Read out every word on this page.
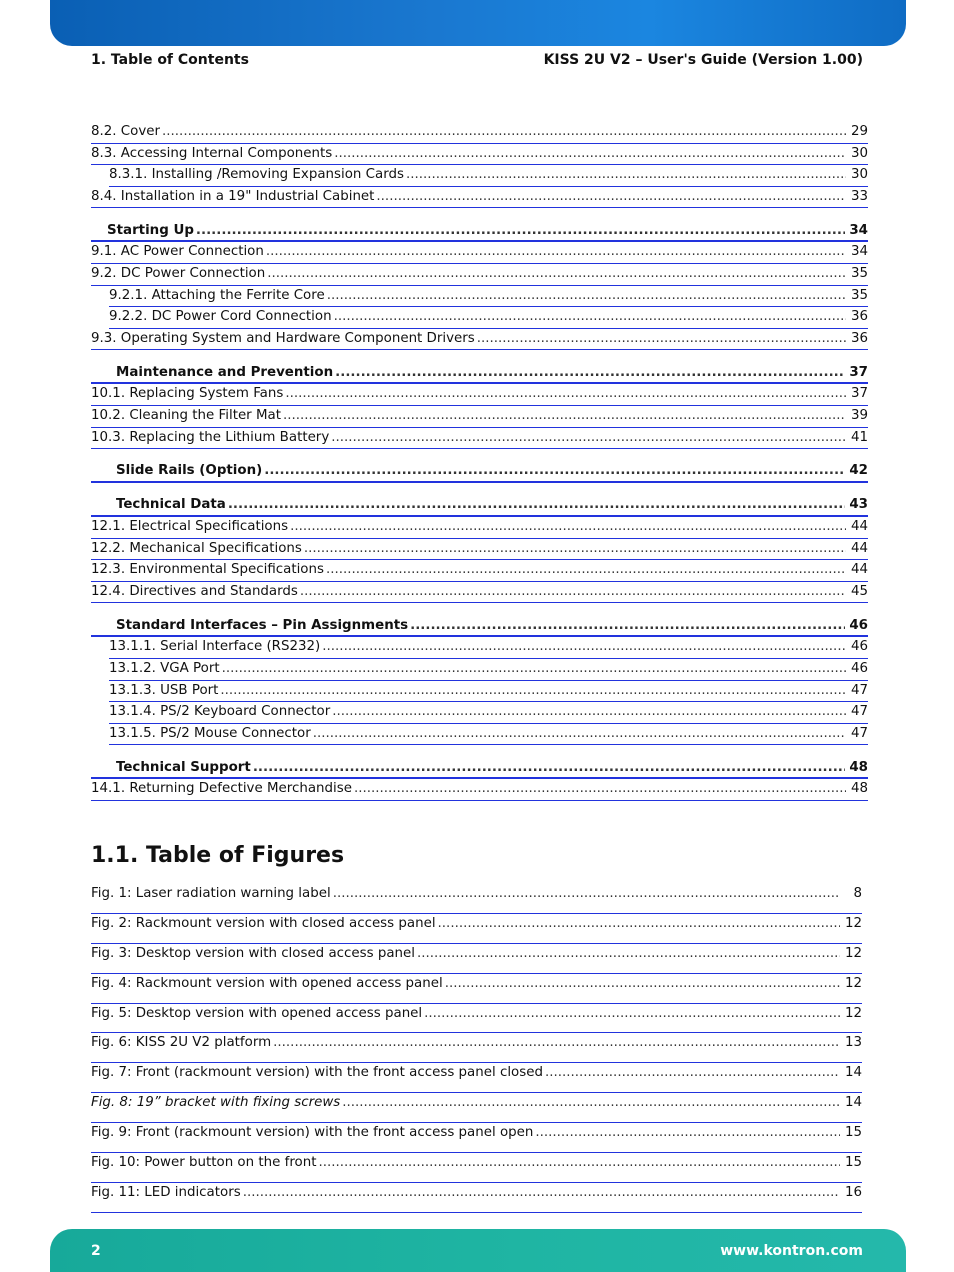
1. Table of Contents	KISS 2U V2 – User's Guide (Version 1.00)
8.2. Cover .....	29
8.3. Accessing Internal Components .....	30
8.3.1. Installing /Removing Expansion Cards .....	30
8.4. Installation in a 19" Industrial Cabinet .....	33
Starting Up .....	34
9.1. AC Power Connection .....	34
9.2. DC Power Connection .....	35
9.2.1. Attaching the Ferrite Core .....	35
9.2.2. DC Power Cord Connection .....	36
9.3. Operating System and Hardware Component Drivers .....	36
Maintenance and Prevention .....	37
10.1. Replacing System Fans .....	37
10.2. Cleaning the Filter Mat .....	39
10.3. Replacing the Lithium Battery .....	41
Slide Rails (Option) .....	42
Technical Data .....	43
12.1. Electrical Specifications .....	44
12.2. Mechanical Specifications .....	44
12.3. Environmental Specifications .....	44
12.4. Directives and Standards .....	45
Standard Interfaces – Pin Assignments .....	46
13.1.1. Serial Interface (RS232) .....	46
13.1.2. VGA Port .....	46
13.1.3. USB Port .....	47
13.1.4. PS/2 Keyboard Connector .....	47
13.1.5. PS/2 Mouse Connector .....	47
Technical Support .....	48
14.1. Returning Defective Merchandise .....	48
1.1. Table of Figures
Fig. 1: Laser radiation warning label .....	8
Fig. 2: Rackmount version with closed access panel .....	12
Fig. 3: Desktop version with closed access panel .....	12
Fig. 4: Rackmount version with opened access panel .....	12
Fig. 5: Desktop version with opened access panel .....	12
Fig. 6: KISS 2U V2 platform .....	13
Fig. 7: Front (rackmount version) with the front access panel closed .....	14
Fig. 8: 19” bracket with fixing screws .....	14
Fig. 9: Front (rackmount version) with the front access panel open .....	15
Fig. 10: Power button on the front .....	15
Fig. 11: LED indicators .....	16
2	www.kontron.com
